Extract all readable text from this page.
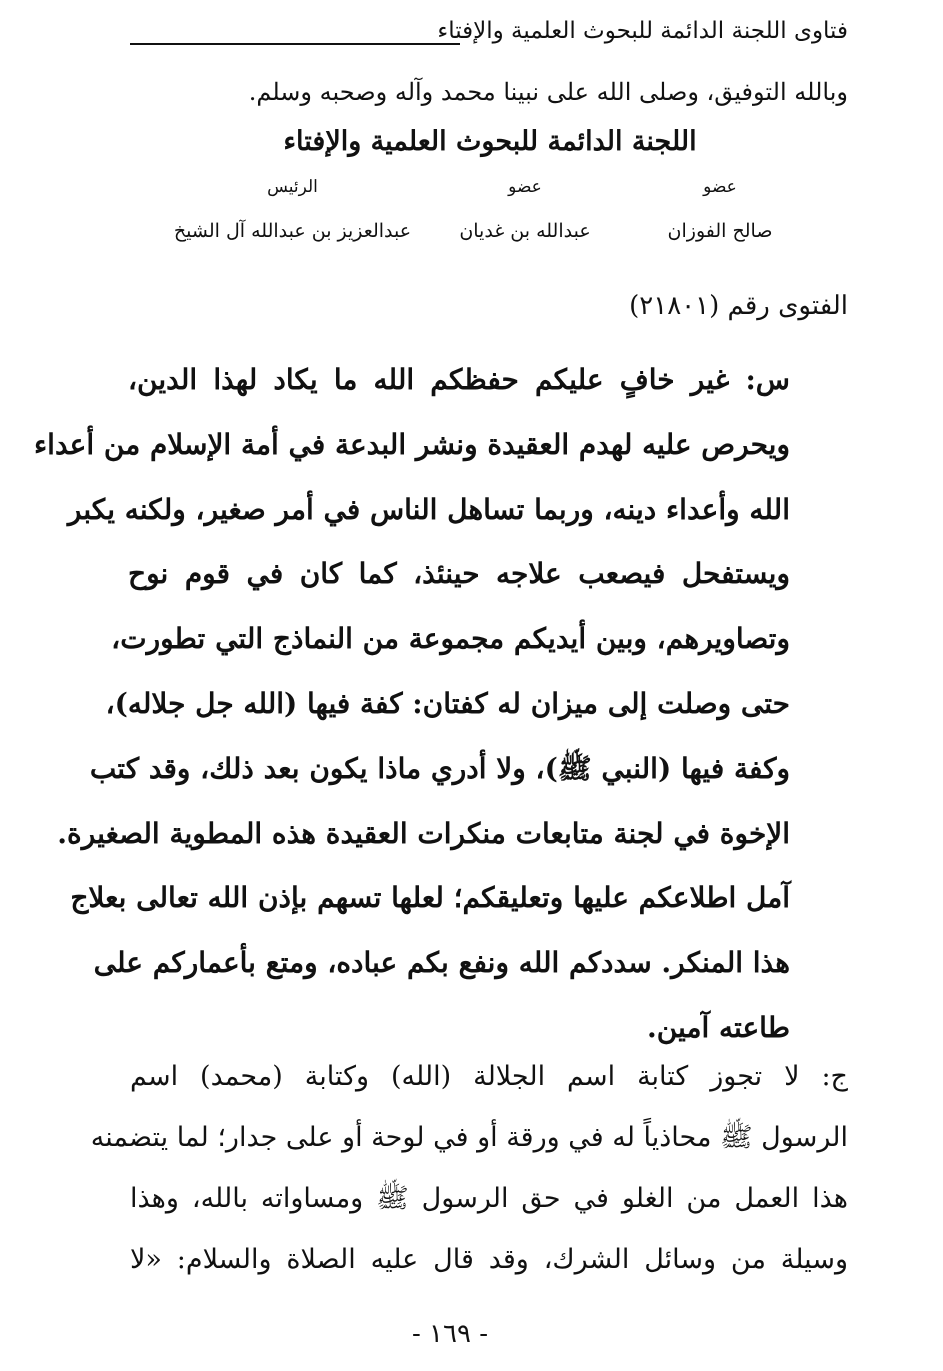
فتاوى اللجنة الدائمة للبحوث العلمية والإفتاء
وبالله التوفيق، وصلى الله على نبينا محمد وآله وصحبه وسلم.
اللجنة الدائمة للبحوث العلمية والإفتاء
عضو
صالح الفوزان
عضو
عبدالله بن غديان
الرئيس
عبدالعزيز بن عبدالله آل الشيخ
الفتوى رقم (٢١٨٠١)
س: غير خافٍ عليكم حفظكم الله ما يكاد لهذا الدين،
ويحرص عليه لهدم العقيدة ونشر البدعة في أمة الإسلام من أعداء
الله وأعداء دينه، وربما تساهل الناس في أمر صغير، ولكنه يكبر
ويستفحل فيصعب علاجه حينئذ، كما كان في قوم نوح
وتصاويرهم، وبين أيديكم مجموعة من النماذج التي تطورت،
حتى وصلت إلى ميزان له كفتان: كفة فيها (الله جل جلاله)،
وكفة فيها (النبي ﷺ)، ولا أدري ماذا يكون بعد ذلك، وقد كتب
الإخوة في لجنة متابعات منكرات العقيدة هذه المطوية الصغيرة.
آمل اطلاعكم عليها وتعليقكم؛ لعلها تسهم بإذن الله تعالى بعلاج
هذا المنكر. سددكم الله ونفع بكم عباده، ومتع بأعماركم على
طاعته آمين.
ج: لا تجوز كتابة اسم الجلالة (الله) وكتابة (محمد) اسم
الرسول ﷺ محاذياً له في ورقة أو في لوحة أو على جدار؛ لما يتضمنه
هذا العمل من الغلو في حق الرسول ﷺ ومساواته بالله، وهذا
وسيلة من وسائل الشرك، وقد قال عليه الصلاة والسلام: «لا
- ١٦٩ -
